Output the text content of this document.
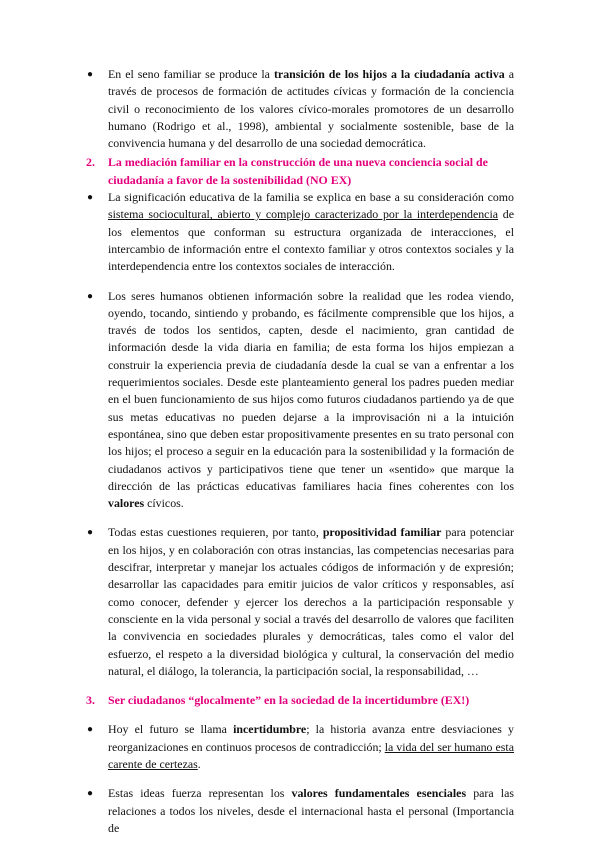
● En el seno familiar se produce la transición de los hijos a la ciudadanía activa a través de procesos de formación de actitudes cívicas y formación de la conciencia civil o reconocimiento de los valores cívico-morales promotores de un desarrollo humano (Rodrigo et al., 1998), ambiental y socialmente sostenible, base de la convivencia humana y del desarrollo de una sociedad democrática.
2. La mediación familiar en la construcción de una nueva conciencia social de ciudadanía a favor de la sostenibilidad (NO EX)
● La significación educativa de la familia se explica en base a su consideración como sistema sociocultural, abierto y complejo caracterizado por la interdependencia de los elementos que conforman su estructura organizada de interacciones, el intercambio de información entre el contexto familiar y otros contextos sociales y la interdependencia entre los contextos sociales de interacción.
● Los seres humanos obtienen información sobre la realidad que les rodea viendo, oyendo, tocando, sintiendo y probando, es fácilmente comprensible que los hijos, a través de todos los sentidos, capten, desde el nacimiento, gran cantidad de información desde la vida diaria en familia; de esta forma los hijos empiezan a construir la experiencia previa de ciudadanía desde la cual se van a enfrentar a los requerimientos sociales. Desde este planteamiento general los padres pueden mediar en el buen funcionamiento de sus hijos como futuros ciudadanos partiendo ya de que sus metas educativas no pueden dejarse a la improvisación ni a la intuición espontánea, sino que deben estar propositivamente presentes en su trato personal con los hijos; el proceso a seguir en la educación para la sostenibilidad y la formación de ciudadanos activos y participativos tiene que tener un «sentido» que marque la dirección de las prácticas educativas familiares hacia fines coherentes con los valores cívicos.
● Todas estas cuestiones requieren, por tanto, propositividad familiar para potenciar en los hijos, y en colaboración con otras instancias, las competencias necesarias para descifrar, interpretar y manejar los actuales códigos de información y de expresión; desarrollar las capacidades para emitir juicios de valor críticos y responsables, así como conocer, defender y ejercer los derechos a la participación responsable y consciente en la vida personal y social a través del desarrollo de valores que faciliten la convivencia en sociedades plurales y democráticas, tales como el valor del esfuerzo, el respeto a la diversidad biológica y cultural, la conservación del medio natural, el diálogo, la tolerancia, la participación social, la responsabilidad, …
3. Ser ciudadanos “glocalmente” en la sociedad de la incertidumbre (EX!)
● Hoy el futuro se llama incertidumbre; la historia avanza entre desviaciones y reorganizaciones en continuos procesos de contradicción; la vida del ser humano esta carente de certezas.
● Estas ideas fuerza representan los valores fundamentales esenciales para las relaciones a todos los niveles, desde el internacional hasta el personal (Importancia de
